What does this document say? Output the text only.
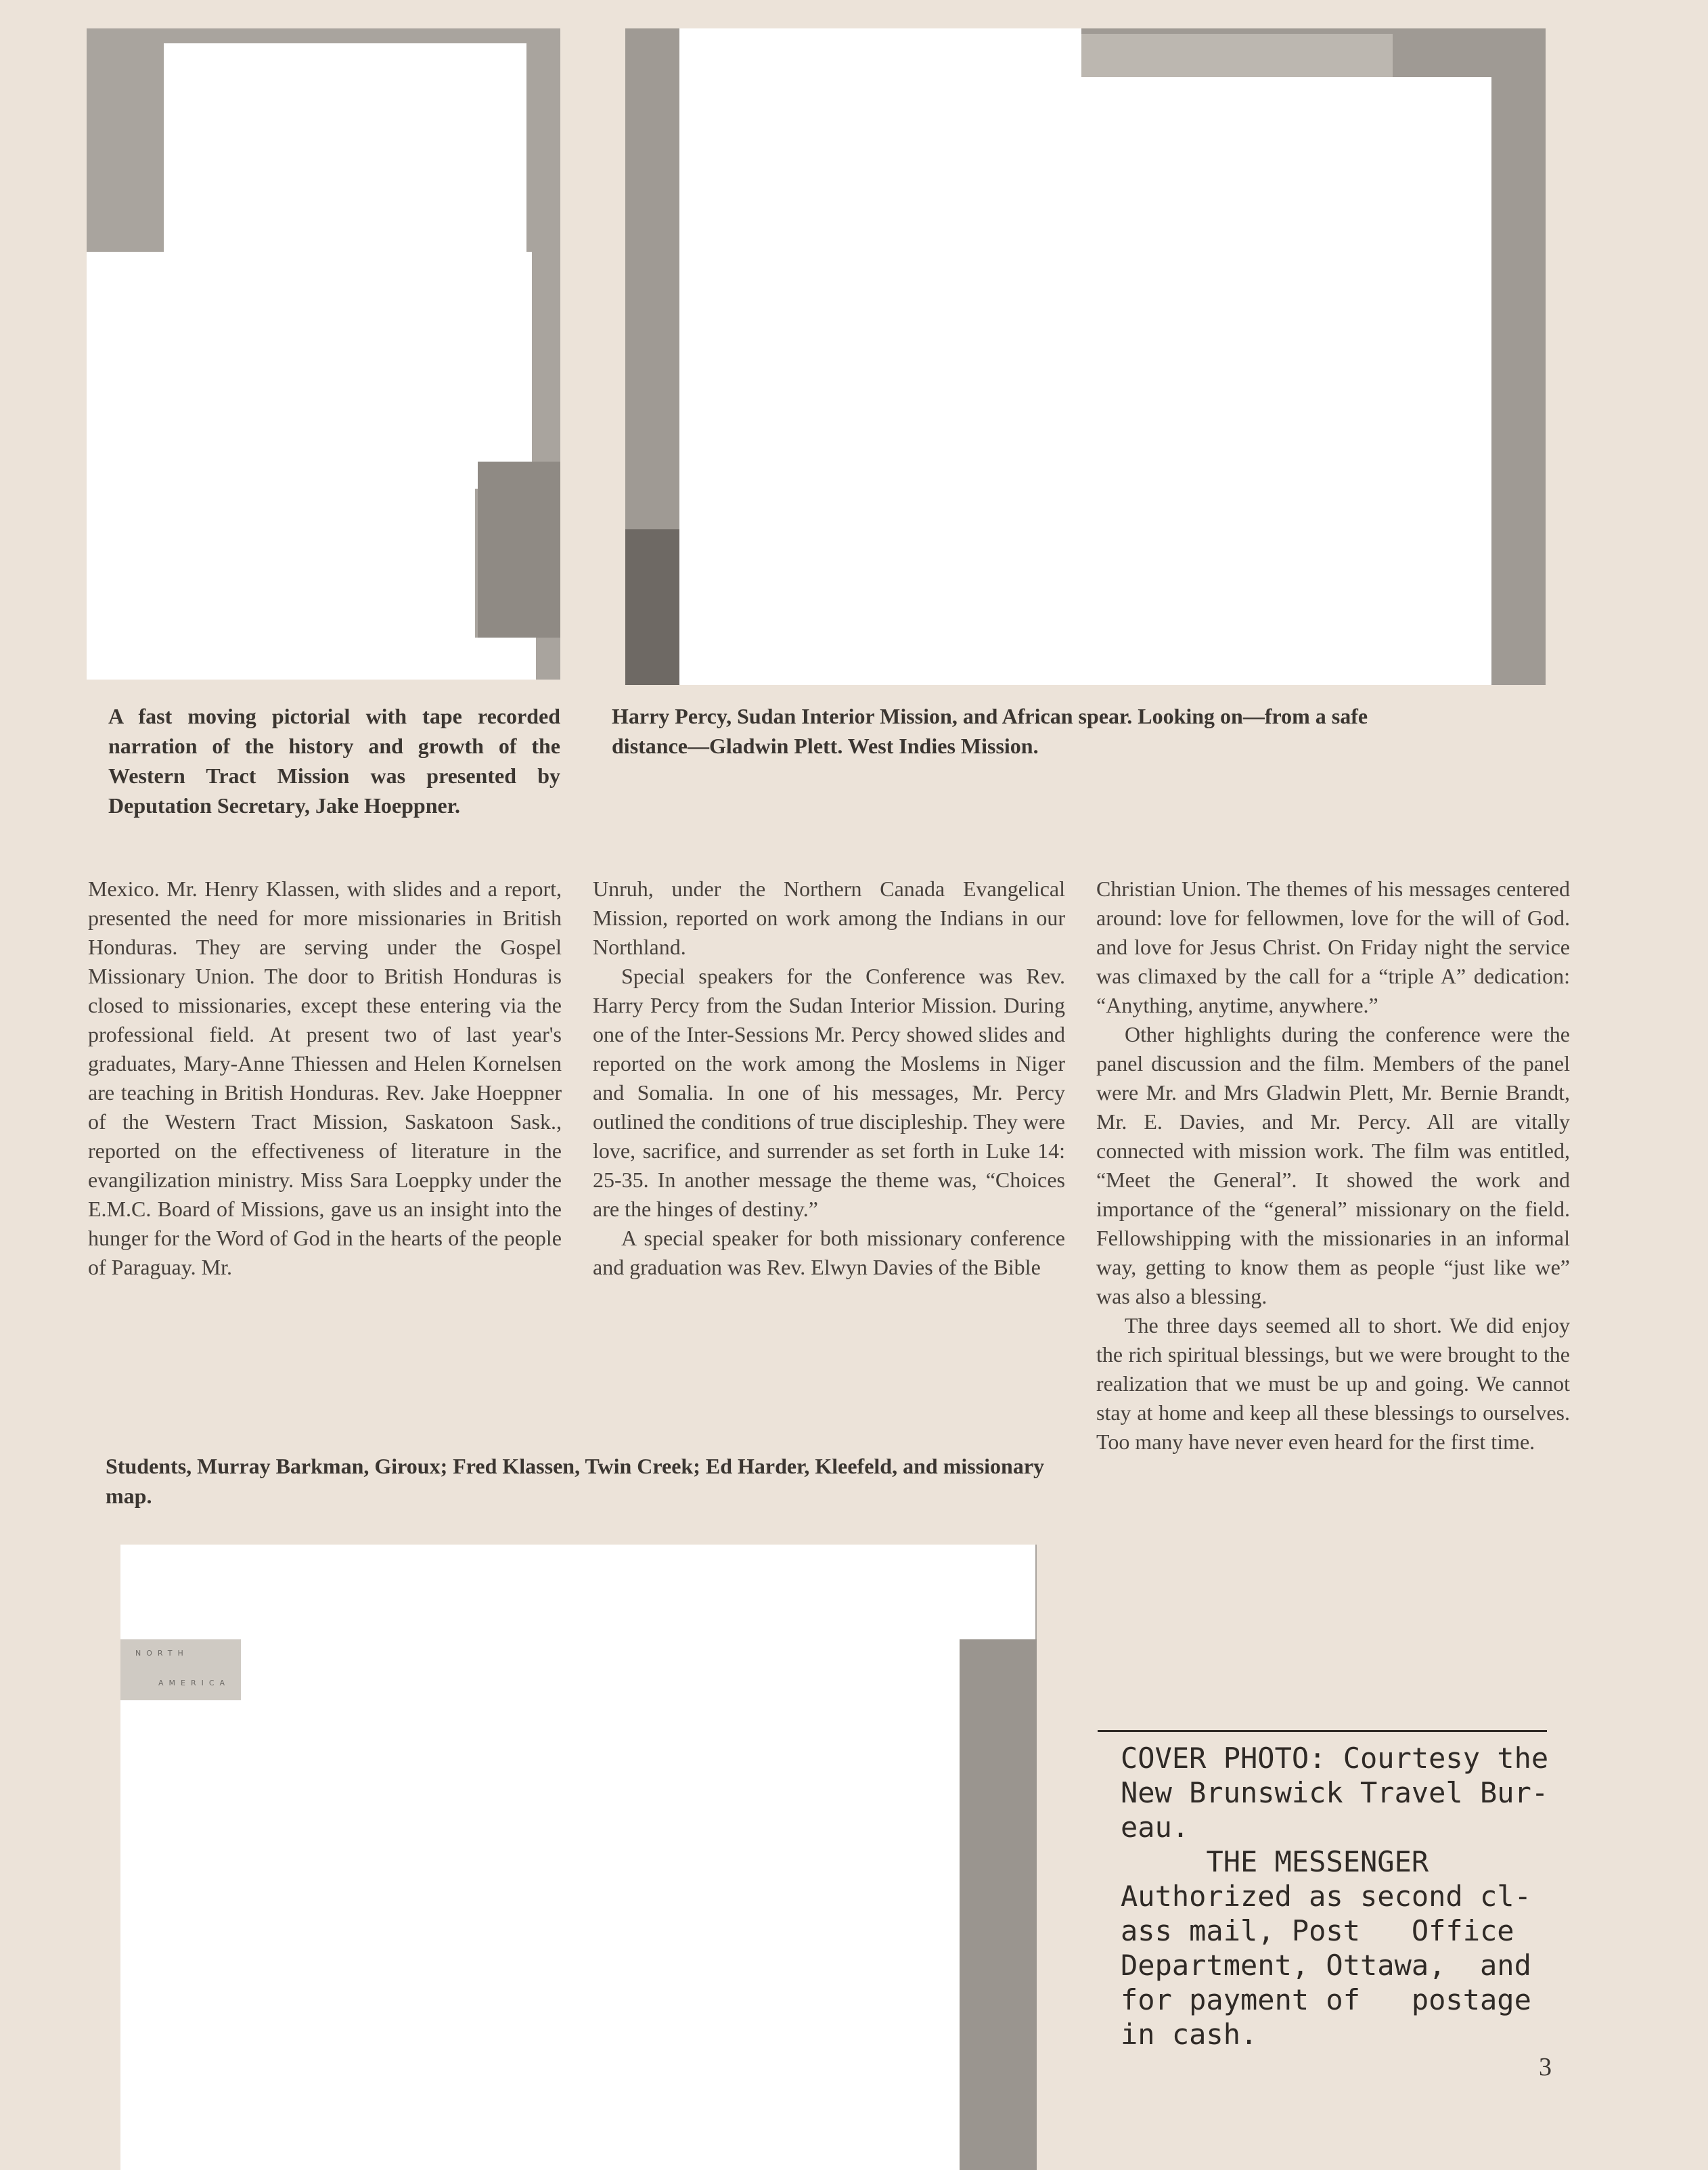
NORTH
AMERICA

A fast moving pictorial with tape recorded narration of the history and growth of the Western Tract Mission was presented by Deputation Secretary, Jake Hoeppner.

Harry Percy, Sudan Interior Mission, and African spear. Looking on—from a safe distance—Gladwin Plett. West Indies Mission.

Students, Murray Barkman, Giroux; Fred Klassen, Twin Creek; Ed Harder, Kleefeld, and missionary map.

Mexico. Mr. Henry Klassen, with slides and a report, presented the need for more missionaries in British Honduras. They are serving under the Gospel Missionary Union. The door to British Honduras is closed to missionaries, except these entering via the professional field. At present two of last year's graduates, Mary-Anne Thiessen and Helen Kornelsen are teaching in British Honduras. Rev. Jake Hoeppner of the Western Tract Mission, Saskatoon Sask., reported on the effectiveness of literature in the evangilization ministry. Miss Sara Loeppky under the E.M.C. Board of Missions, gave us an insight into the hunger for the Word of God in the hearts of the people of Paraguay. Mr.

Unruh, under the Northern Canada Evangelical Mission, reported on work among the Indians in our Northland.

Special speakers for the Conference was Rev. Harry Percy from the Sudan Interior Mission. During one of the Inter-Sessions Mr. Percy showed slides and reported on the work among the Moslems in Niger and Somalia. In one of his messages, Mr. Percy outlined the conditions of true discipleship. They were love, sacrifice, and surrender as set forth in Luke 14: 25-35. In another message the theme was, “Choices are the hinges of destiny.”

A special speaker for both missionary conference and graduation was Rev. Elwyn Davies of the Bible

Christian Union. The themes of his messages centered around: love for fellowmen, love for the will of God. and love for Jesus Christ. On Friday night the service was climaxed by the call for a “triple A” dedication: “Anything, anytime, anywhere.”

Other highlights during the conference were the panel discussion and the film. Members of the panel were Mr. and Mrs Gladwin Plett, Mr. Bernie Brandt, Mr. E. Davies, and Mr. Percy. All are vitally connected with mission work. The film was entitled, “Meet the General”. It showed the work and importance of the “general” missionary on the field. Fellowshipping with the missionaries in an informal way, getting to know them as people “just like we” was also a blessing.

The three days seemed all to short. We did enjoy the rich spiritual blessings, but we were brought to the realization that we must be up and going. We cannot stay at home and keep all these blessings to ourselves. Too many have never even heard for the first time.

COVER PHOTO: Courtesy the
New Brunswick Travel Bur-
eau.
THE MESSENGER
Authorized as second cl-
ass mail, Post   Office
Department, Ottawa,  and
for payment of   postage
in cash.
3
